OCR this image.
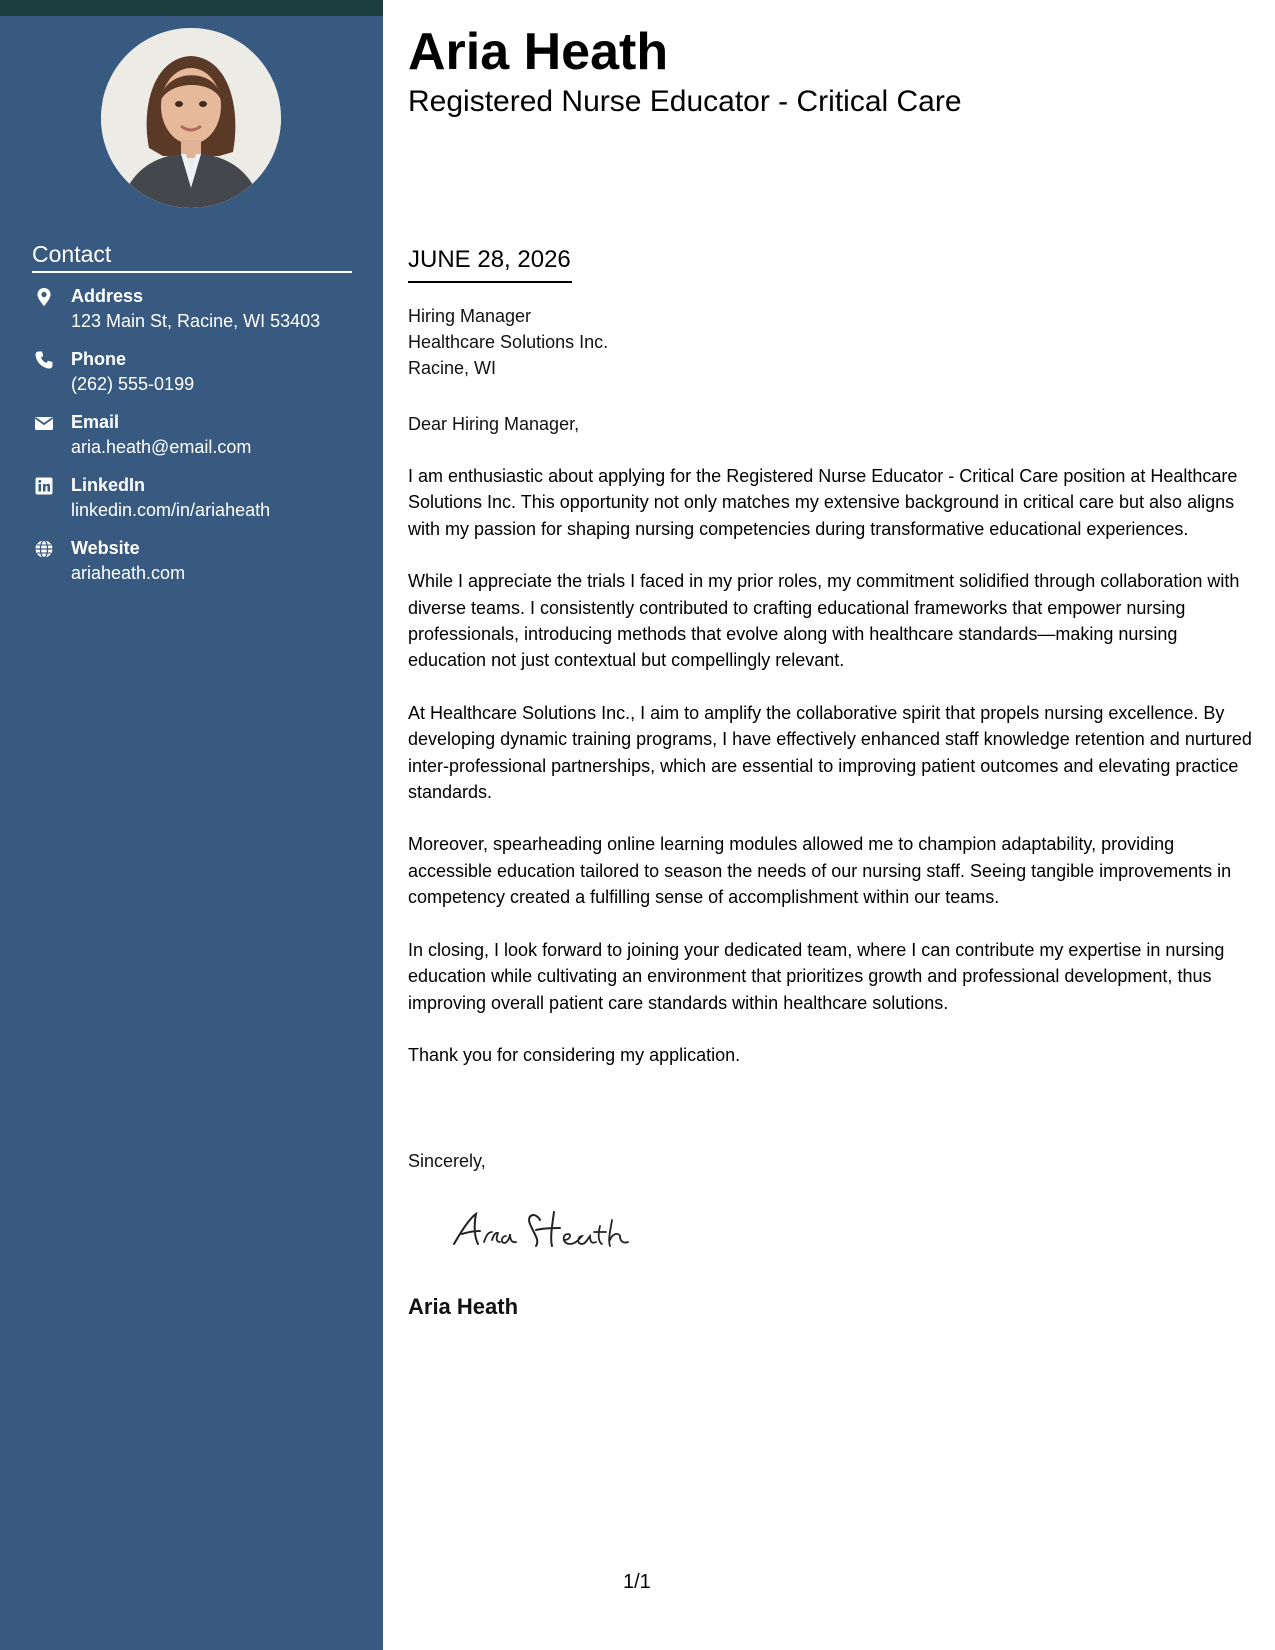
Contact
Address
123 Main St, Racine, WI 53403
Phone
(262) 555-0199
Email
aria.heath@email.com
LinkedIn
linkedin.com/in/ariaheath
Website
ariaheath.com
Aria Heath
Registered Nurse Educator - Critical Care
JUNE 28, 2026
Hiring Manager
Healthcare Solutions Inc.
Racine, WI
Dear Hiring Manager,

I am enthusiastic about applying for the Registered Nurse Educator - Critical Care position at Healthcare Solutions Inc. This opportunity not only matches my extensive background in critical care but also aligns with my passion for shaping nursing competencies during transformative educational experiences.

While I appreciate the trials I faced in my prior roles, my commitment solidified through collaboration with diverse teams. I consistently contributed to crafting educational frameworks that empower nursing professionals, introducing methods that evolve along with healthcare standards—making nursing education not just contextual but compellingly relevant.

At Healthcare Solutions Inc., I aim to amplify the collaborative spirit that propels nursing excellence. By developing dynamic training programs, I have effectively enhanced staff knowledge retention and nurtured inter-professional partnerships, which are essential to improving patient outcomes and elevating practice standards.

Moreover, spearheading online learning modules allowed me to champion adaptability, providing accessible education tailored to season the needs of our nursing staff. Seeing tangible improvements in competency created a fulfilling sense of accomplishment within our teams.

In closing, I look forward to joining your dedicated team, where I can contribute my expertise in nursing education while cultivating an environment that prioritizes growth and professional development, thus improving overall patient care standards within healthcare solutions.

Thank you for considering my application.

Sincerely,
Aria Heath
1/1
